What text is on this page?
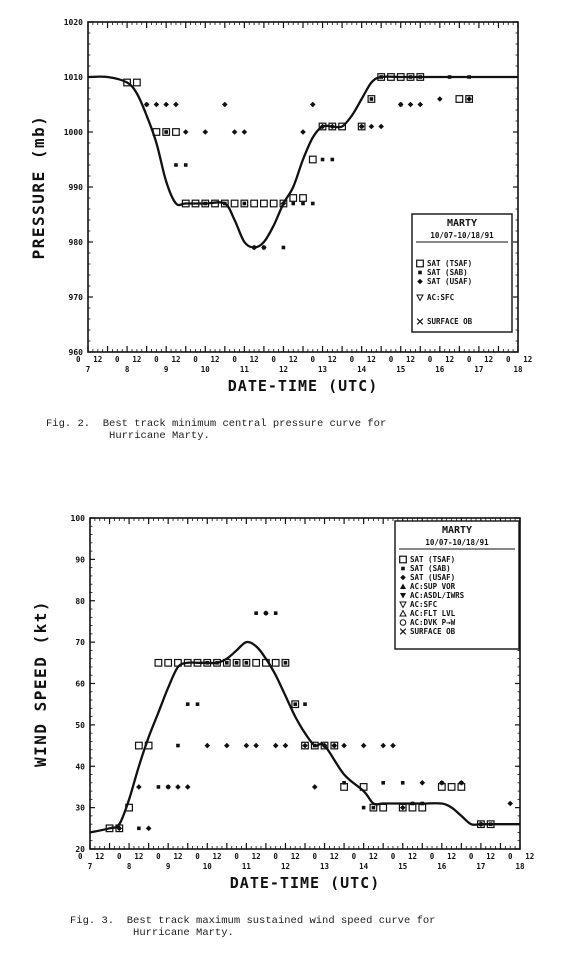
960
970
980
990
1000
1010
1020
0 12 0 12 0 12 0 12 0 12 0 12 0 12 0 12 0 12 0 12 0 12 0 12
7	8	9	10	11	12	13	14	15	16	17	18
DATE-TIME (UTC)
PRESSURE (mb)	MARTY
10/07-10/18/91
SAT (TSAF)
SAT (SAB)
SAT (USAF)
AC:SFC
SURFACE OB
Fig. 2. Best track minimum central pressure curve for
Hurricane Marty.
20
30
40
50
60
70
80
90
100
0 12 0 12 0 12 0 12 0 12 0 12 0 12 0 12 0 12 0 12 0 12 0 12
7	8	9	10	11	12	13	14	15	16	17	18
DATE-TIME (UTC)
WIND SPEED (kt)
MARTY
10/07-10/18/91
SAT (TSAF)
SAT (SAB)
SAT (USAF)
AC:SUP VOR
AC:ASDL/IWRS
AC:SFC
AC:FLT LVL
AC:DVK P→W
SURFACE OB
Fig. 3. Best track maximum sustained wind speed curve for
Hurricane Marty.
